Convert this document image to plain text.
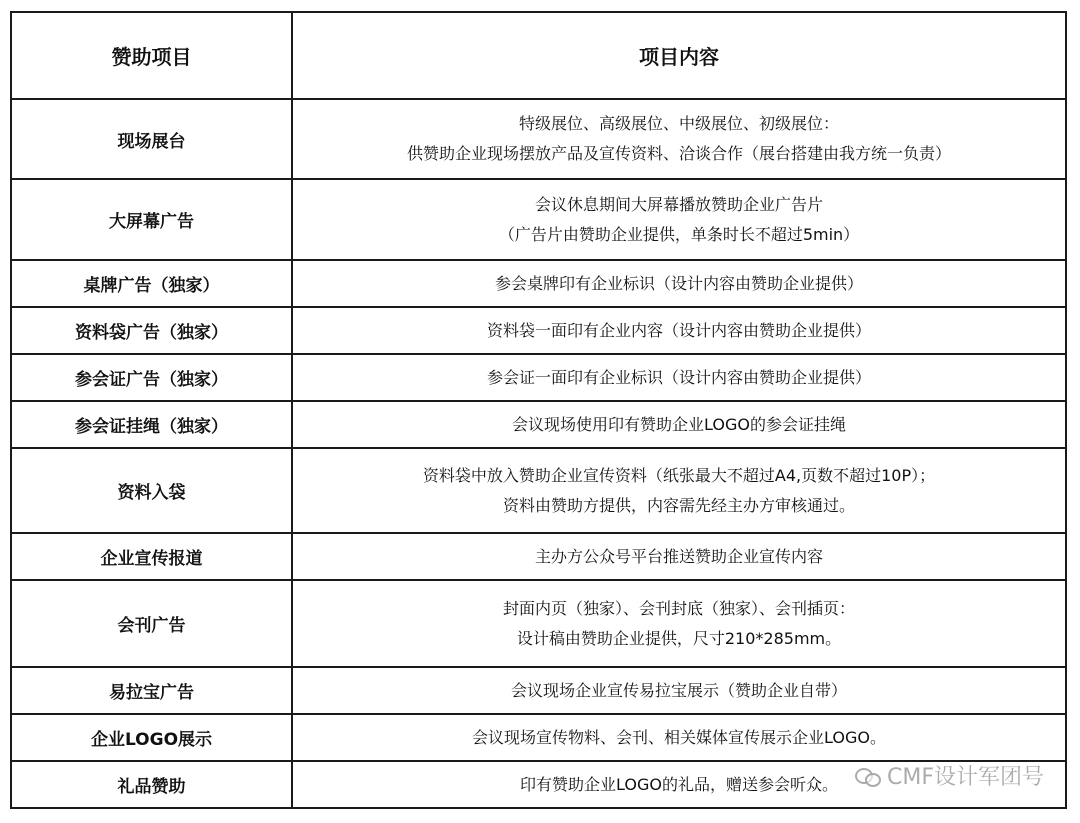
赞助项目	项目内容
现场展台	特级展位、高级展位、中级展位、初级展位：
供赞助企业现场摆放产品及宣传资料、洽谈合作（展台搭建由我方统一负责）

大屏幕广告	会议休息期间大屏幕播放赞助企业广告片
（广告片由赞助企业提供，单条时长不超过5min）

桌牌广告（独家）	参会桌牌印有企业标识（设计内容由赞助企业提供）

资料袋广告（独家）	资料袋一面印有企业内容（设计内容由赞助企业提供）

参会证广告（独家）	参会证一面印有企业标识（设计内容由赞助企业提供）

参会证挂绳（独家）	会议现场使用印有赞助企业LOGO的参会证挂绳

资料入袋	资料袋中放入赞助企业宣传资料（纸张最大不超过A4,页数不超过10P）；
资料由赞助方提供，内容需先经主办方审核通过。

企业宣传报道	主办方公众号平台推送赞助企业宣传内容

会刊广告	封面内页（独家）、会刊封底（独家）、会刊插页：
设计稿由赞助企业提供，尺寸210*285mm。

易拉宝广告	会议现场企业宣传易拉宝展示（赞助企业自带）

企业LOGO展示	会议现场宣传物料、会刊、相关媒体宣传展示企业LOGO。

礼品赞助	印有赞助企业LOGO的礼品，赠送参会听众。	CMF设计军团号
